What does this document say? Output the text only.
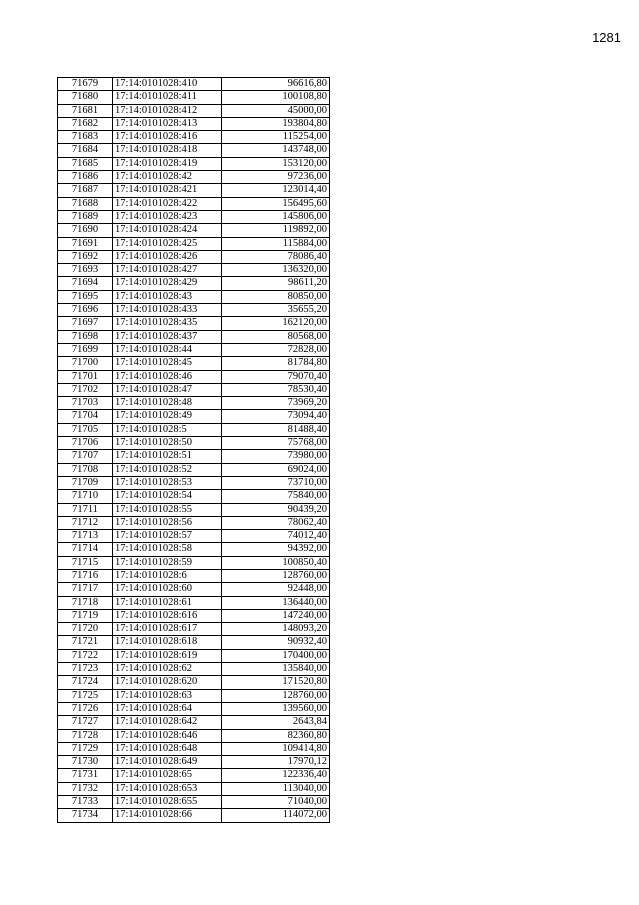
1281
71679	17:14:0101028:410	96616,80
71680	17:14:0101028:411	100108,80
71681	17:14:0101028:412	45000,00
71682	17:14:0101028:413	193804,80
71683	17:14:0101028:416	115254,00
71684	17:14:0101028:418	143748,00
71685	17:14:0101028:419	153120,00
71686	17:14:0101028:42	97236,00
71687	17:14:0101028:421	123014,40
71688	17:14:0101028:422	156495,60
71689	17:14:0101028:423	145806,00
71690	17:14:0101028:424	119892,00
71691	17:14:0101028:425	115884,00
71692	17:14:0101028:426	78086,40
71693	17:14:0101028:427	136320,00
71694	17:14:0101028:429	98611,20
71695	17:14:0101028:43	80850,00
71696	17:14:0101028:433	35655,20
71697	17:14:0101028:435	162120,00
71698	17:14:0101028:437	80568,00
71699	17:14:0101028:44	72828,00
71700	17:14:0101028:45	81784,80
71701	17:14:0101028:46	79070,40
71702	17:14:0101028:47	78530,40
71703	17:14:0101028:48	73969,20
71704	17:14:0101028:49	73094,40
71705	17:14:0101028:5	81488,40
71706	17:14:0101028:50	75768,00
71707	17:14:0101028:51	73980,00
71708	17:14:0101028:52	69024,00
71709	17:14:0101028:53	73710,00
71710	17:14:0101028:54	75840,00
71711	17:14:0101028:55	90439,20
71712	17:14:0101028:56	78062,40
71713	17:14:0101028:57	74012,40
71714	17:14:0101028:58	94392,00
71715	17:14:0101028:59	100850,40
71716	17:14:0101028:6	128760,00
71717	17:14:0101028:60	92448,00
71718	17:14:0101028:61	136440,00
71719	17:14:0101028:616	147240,00
71720	17:14:0101028:617	148093,20
71721	17:14:0101028:618	90932,40
71722	17:14:0101028:619	170400,00
71723	17:14:0101028:62	135840,00
71724	17:14:0101028:620	171520,80
71725	17:14:0101028:63	128760,00
71726	17:14:0101028:64	139560,00
71727	17:14:0101028:642	2643,84
71728	17:14:0101028:646	82360,80
71729	17:14:0101028:648	109414,80
71730	17:14:0101028:649	17970,12
71731	17:14:0101028:65	122336,40
71732	17:14:0101028:653	113040,00
71733	17:14:0101028:655	71040,00
71734	17:14:0101028:66	114072,00
